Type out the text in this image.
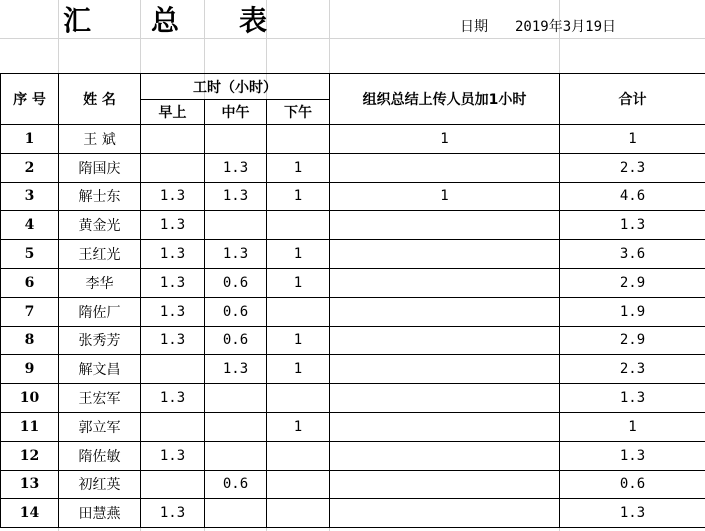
汇 总 表	日期 2019年3月19日
序 号	姓 名	工时（小时）			组织总结上传人员加1小时	合计
		早上	中午	下午		
1	王 斌				1	1
2	隋国庆		1.3	1		2.3
3	解士东	1.3	1.3	1	1	4.6
4	黄金光	1.3				1.3
5	王红光	1.3	1.3	1		3.6
6	李华	1.3	0.6	1		2.9
7	隋佐厂	1.3	0.6			1.9
8	张秀芳	1.3	0.6	1		2.9
9	解文昌		1.3	1		2.3
10	王宏军	1.3				1.3
11	郭立军			1		1
12	隋佐敏	1.3				1.3
13	初红英		0.6			0.6
14	田慧燕	1.3				1.3
